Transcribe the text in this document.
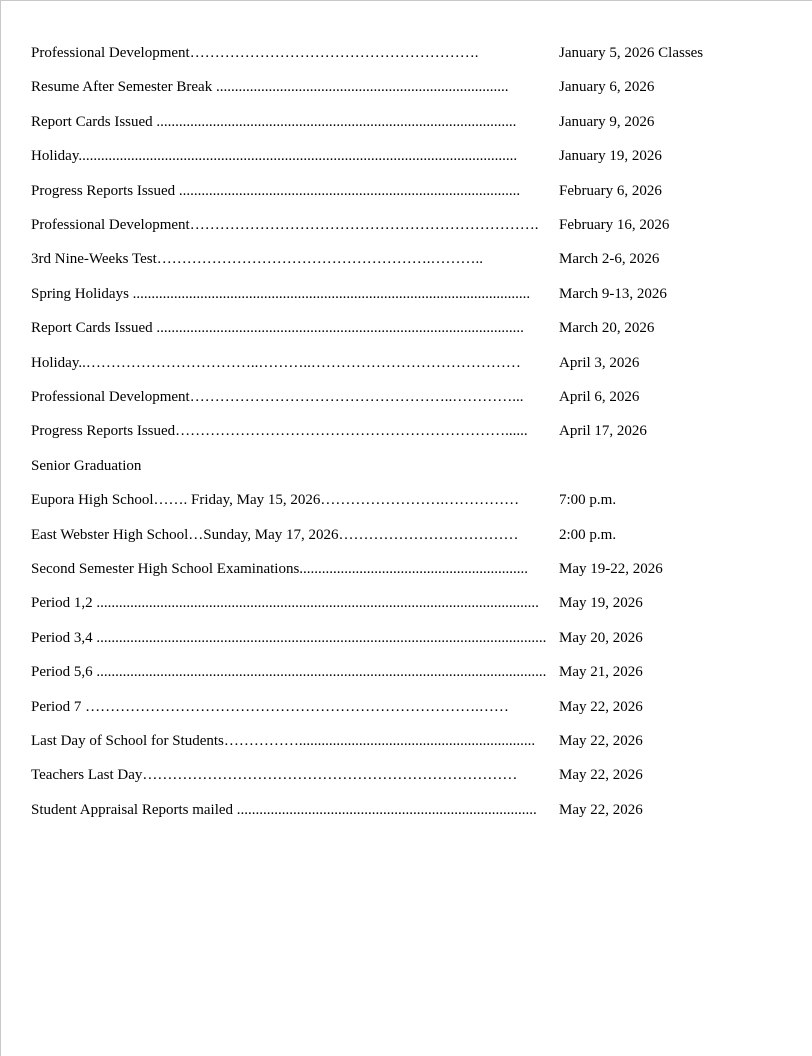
Professional Development………………………………………………….	January 5, 2026 Classes
Resume After Semester Break ..............................................................................	January 6, 2026
Report Cards Issued ................................................................................................	January 9, 2026
Holiday.....................................................................................................................	January 19, 2026
Progress Reports Issued ...........................................................................................	February 6, 2026
Professional Development……………………………………………………………. February 16, 2026
3rd Nine-Weeks Test……………………………………………….………..	March 2-6, 2026
Spring Holidays .......................................................................................................... March 9-13, 2026
Report Cards Issued .................................................................................................. March 20, 2026
Holiday..……………………………..………..……………………………………	April 3, 2026
Professional Development……………………………………………..…………... April 6, 2026
Progress Reports Issued…………………………………………………………...... April 17, 2026
Senior Graduation
Eupora High School……. Friday, May 15, 2026…………………….……………	7:00 p.m.
East Webster High School…Sunday, May 17, 2026………………………………	2:00 p.m.
Second Semester High School Examinations............................................................. May 19-22, 2026
Period 1,2 ...................................................................................................................... May 19, 2026
Period 3,4 ........................................................................................................................ May 20, 2026
Period 5,6 ........................................................................................................................ May 21, 2026
Period 7 …………………………………………………………………….……	May 22, 2026
Last Day of School for Students……………............................................................... May 22, 2026
Teachers Last Day…………………………………………………………………	May 22, 2026
Student Appraisal Reports mailed ................................................................................ May 22, 2026
